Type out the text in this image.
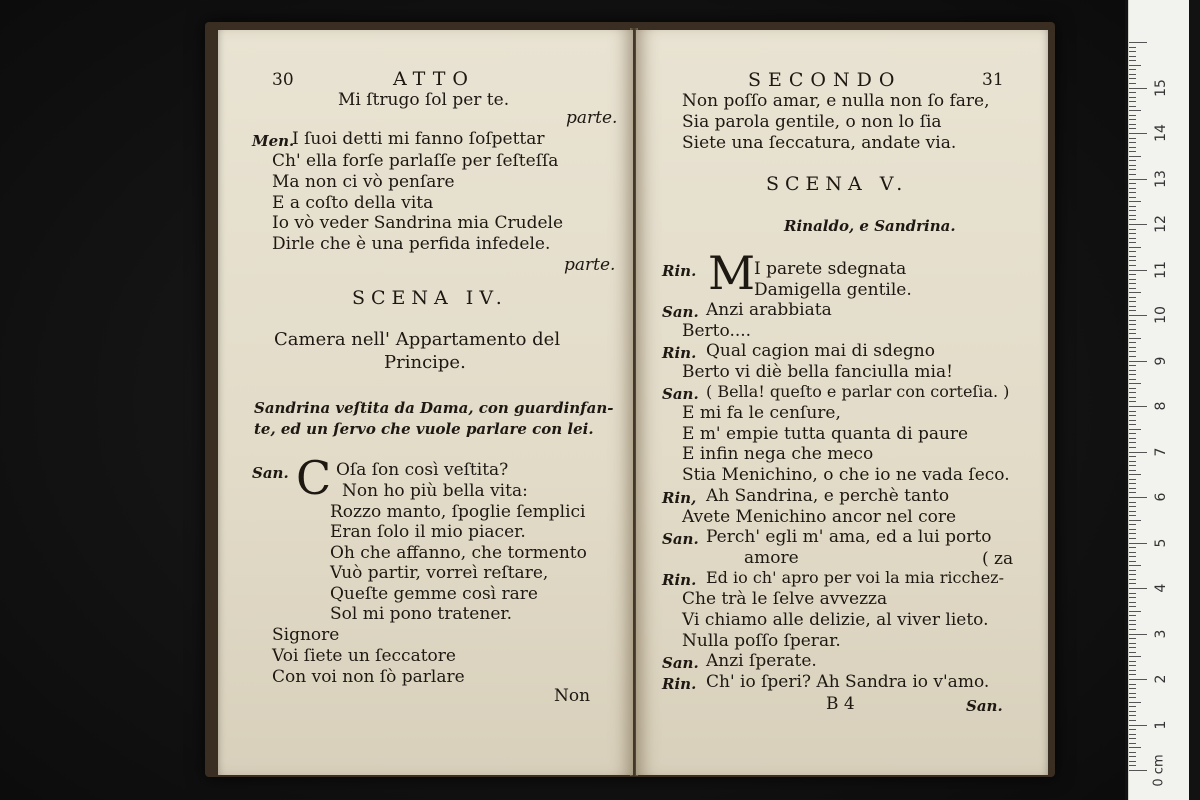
30	ATTO
Mi ſtrugo ſol per te.
parte.
Men.
I ſuoi detti mi fanno ſoſpettar
Ch' ella forſe parlaſſe per ſeſteſſa
Ma non ci vò penſare
E a coſto della vita
Io vò veder Sandrina mia Crudele
Dirle che è una perfida infedele.
parte.
SCENA IV.
Camera nell' Appartamento del
Principe.
Sandrina veſtita da Dama, con guardinfan-
te, ed un ſervo che vuole parlare con lei.
San. C Oſa ſon così veſtita?
Non ho più bella vita:
Rozzo manto, ſpoglie ſemplici
Eran ſolo il mio piacer.
Oh che affanno, che tormento
Vuò partir, vorreì reſtare,
Queſte gemme così rare
Sol mi pono tratener.
Signore
Voi ſiete un ſeccatore
Con voi non ſò parlare
Non
SECONDO	31
Non poſſo amar, e nulla non ſo fare,
Sia parola gentile, o non lo ſia
Siete una ſeccatura, andate via.
SCENA V.
Rinaldo, e Sandrina.
M
Rin.	I parete sdegnata
Damigella gentile.
San. Anzi arabbiata
Berto....
Rin. Qual cagion mai di sdegno
Berto vi diè bella fanciulla mia!
San. ( Bella! queſto e parlar con corteſia. )
E mi fa le cenſure,
E m' empie tutta quanta di paure
E infin nega che meco
Stia Menichino, o che io ne vada ſeco.
Rin, Ah Sandrina, e perchè tanto
Avete Menichino ancor nel core
San. Perch' egli m' ama, ed a lui porto
amore	( za
Rin. Ed io ch' apro per voi la mia ricchez-
Che trà le ſelve avvezza
Vi chiamo alle delizie, al viver lieto.
Nulla poſſo ſperar.
San. Anzi ſperate.
Rin. Ch' io ſperi? Ah Sandra io v'amo.
B 4	San.
0 cm
1
2
3
4
5
6
7
8
9
10
11
12
13
14
15
